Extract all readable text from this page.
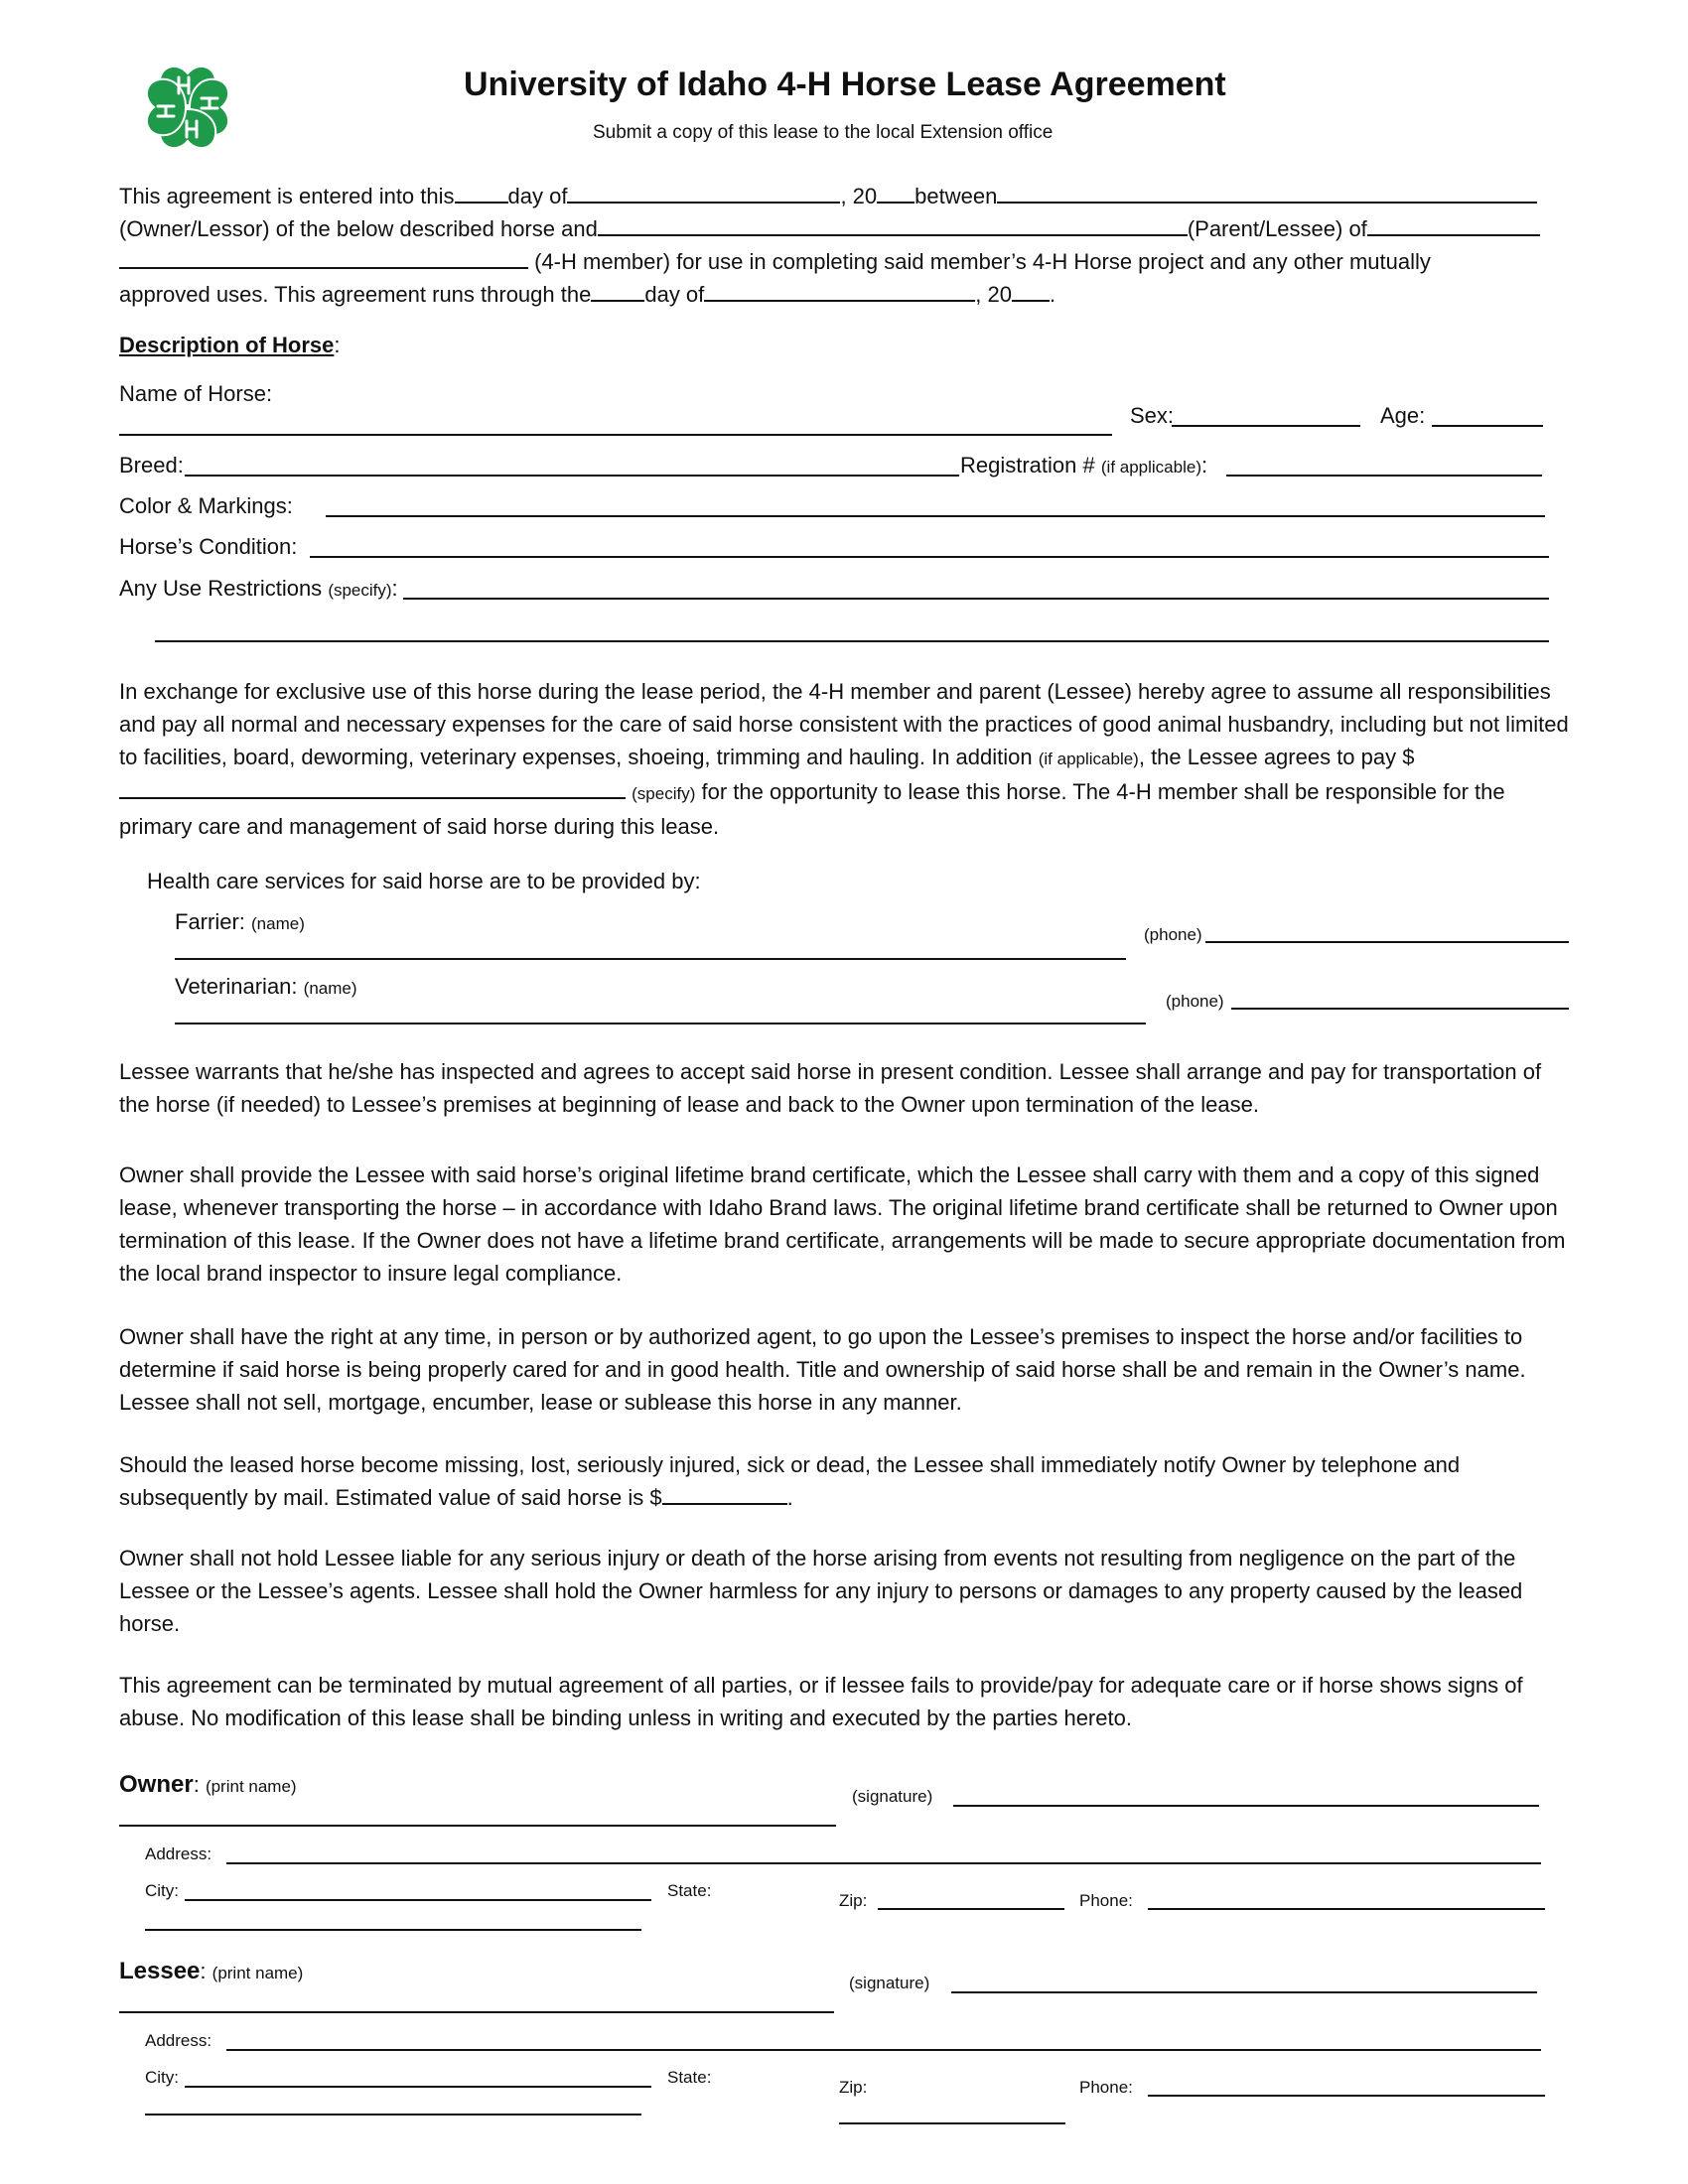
University of Idaho 4-H Horse Lease Agreement
Submit a copy of this lease to the local Extension office
This agreement is entered into this day of	, 20 between
(Owner/Lessor) of the below described horse and	(Parent/Lessee) of
(4-H member) for use in completing said member’s 4-H Horse project and any other mutually
approved uses. This agreement runs through the day of	, 20 .
Description of Horse:
Name of Horse:
Sex:	Age:
Breed:	Registration # (if applicable):
Color & Markings:
Horse’s Condition:
Any Use Restrictions (specify):
In exchange for exclusive use of this horse during the lease period, the 4-H member and parent (Lessee) hereby agree to assume all responsibilities and pay all normal and necessary expenses for the care of said horse consistent with the practices of good animal husbandry, including but not limited to facilities, board, deworming, veterinary expenses, shoeing, trimming and hauling. In addition (if applicable), the Lessee agrees to pay $ (specify) for the opportunity to lease this horse. The 4-H member shall be responsible for the primary care and management of said horse during this lease.
Health care services for said horse are to be provided by:
Farrier: (name)
(phone)
Veterinarian: (name)
(phone)
Lessee warrants that he/she has inspected and agrees to accept said horse in present condition. Lessee shall arrange and pay for transportation of the horse (if needed) to Lessee’s premises at beginning of lease and back to the Owner upon termination of the lease.
Owner shall provide the Lessee with said horse’s original lifetime brand certificate, which the Lessee shall carry with them and a copy of this signed lease, whenever transporting the horse – in accordance with Idaho Brand laws. The original lifetime brand certificate shall be returned to Owner upon termination of this lease. If the Owner does not have a lifetime brand certificate, arrangements will be made to secure appropriate documentation from the local brand inspector to insure legal compliance.
Owner shall have the right at any time, in person or by authorized agent, to go upon the Lessee’s premises to inspect the horse and/or facilities to determine if said horse is being properly cared for and in good health. Title and ownership of said horse shall be and remain in the Owner’s name. Lessee shall not sell, mortgage, encumber, lease or sublease this horse in any manner.
Should the leased horse become missing, lost, seriously injured, sick or dead, the Lessee shall immediately notify Owner by telephone and subsequently by mail. Estimated value of said horse is $	.
Owner shall not hold Lessee liable for any serious injury or death of the horse arising from events not resulting from negligence on the part of the Lessee or the Lessee’s agents. Lessee shall hold the Owner harmless for any injury to persons or damages to any property caused by the leased horse.
This agreement can be terminated by mutual agreement of all parties, or if lessee fails to provide/pay for adequate care or if horse shows signs of abuse. No modification of this lease shall be binding unless in writing and executed by the parties hereto.
Owner: (print name)
(signature)
Address:
City:	State:
Zip:	Phone:
Lessee: (print name)
(signature)
Address:
City:	State:
Zip:	Phone:
